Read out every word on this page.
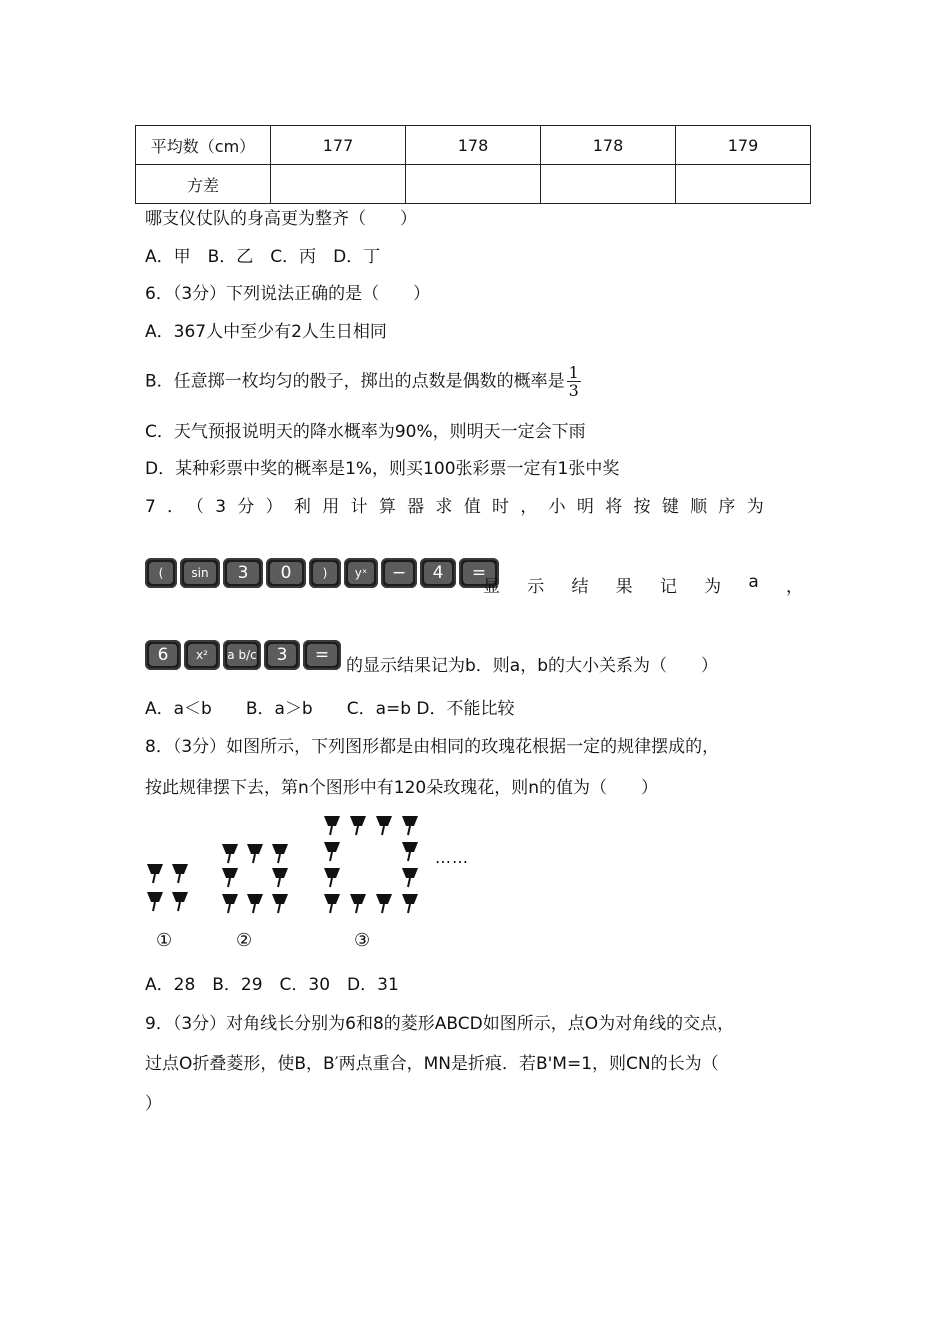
平均数（cm）	177	178	178	179
方差				
哪支仪仗队的身高更为整齐（　　）
A．甲　B．乙　C．丙　D．丁
6．（3分）下列说法正确的是（　　）
A．367人中至少有2人生日相同
B．任意掷一枚均匀的骰子，掷出的点数是偶数的概率是 $\frac{1}{3}$
C．天气预报说明天的降水概率为90%，则明天一定会下雨
D．某种彩票中奖的概率是1%，则买100张彩票一定有1张中奖
7．（3分）利用计算器求值时，小明将按键顺序为
(	sin	3	0	)	yˣ	−	4	=
显 示 结 果 记 为 a ，
6	x²	a b/c	3	=
的显示结果记为b．则a，b的大小关系为（　　）
A．a＜b　　B．a＞b　　C．a=b D．不能比较
8．（3分）如图所示，下列图形都是由相同的玫瑰花根据一定的规律摆成的，
按此规律摆下去，第n个图形中有120朵玫瑰花，则n的值为（　　）
……
①	②	③
A．28　B．29　C．30　D．31
9．（3分）对角线长分别为6和8的菱形ABCD如图所示，点O为对角线的交点，
过点O折叠菱形，使B，B′两点重合，MN是折痕．若B'M=1，则CN的长为（
）
